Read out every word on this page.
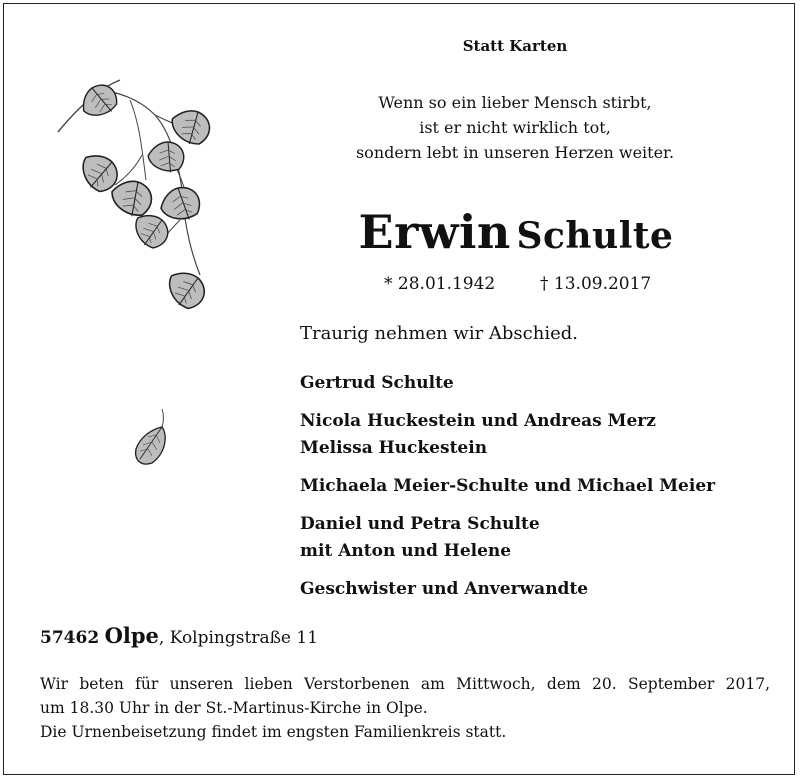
Statt Karten
Wenn so ein lieber Mensch stirbt,
ist er nicht wirklich tot,
sondern lebt in unseren Herzen weiter.
Erwin Schulte
* 28.01.1942	† 13.09.2017
Traurig nehmen wir Abschied.
Gertrud Schulte
Nicola Huckestein und Andreas Merz
Melissa Huckestein
Michaela Meier-Schulte und Michael Meier
Daniel und Petra Schulte
mit Anton und Helene
Geschwister und Anverwandte
57462 Olpe, Kolpingstraße 11
Wir beten für unseren lieben Verstorbenen am Mittwoch, dem 20. September 2017,
um 18.30 Uhr in der St.-Martinus-Kirche in Olpe.
Die Urnenbeisetzung findet im engsten Familienkreis statt.
